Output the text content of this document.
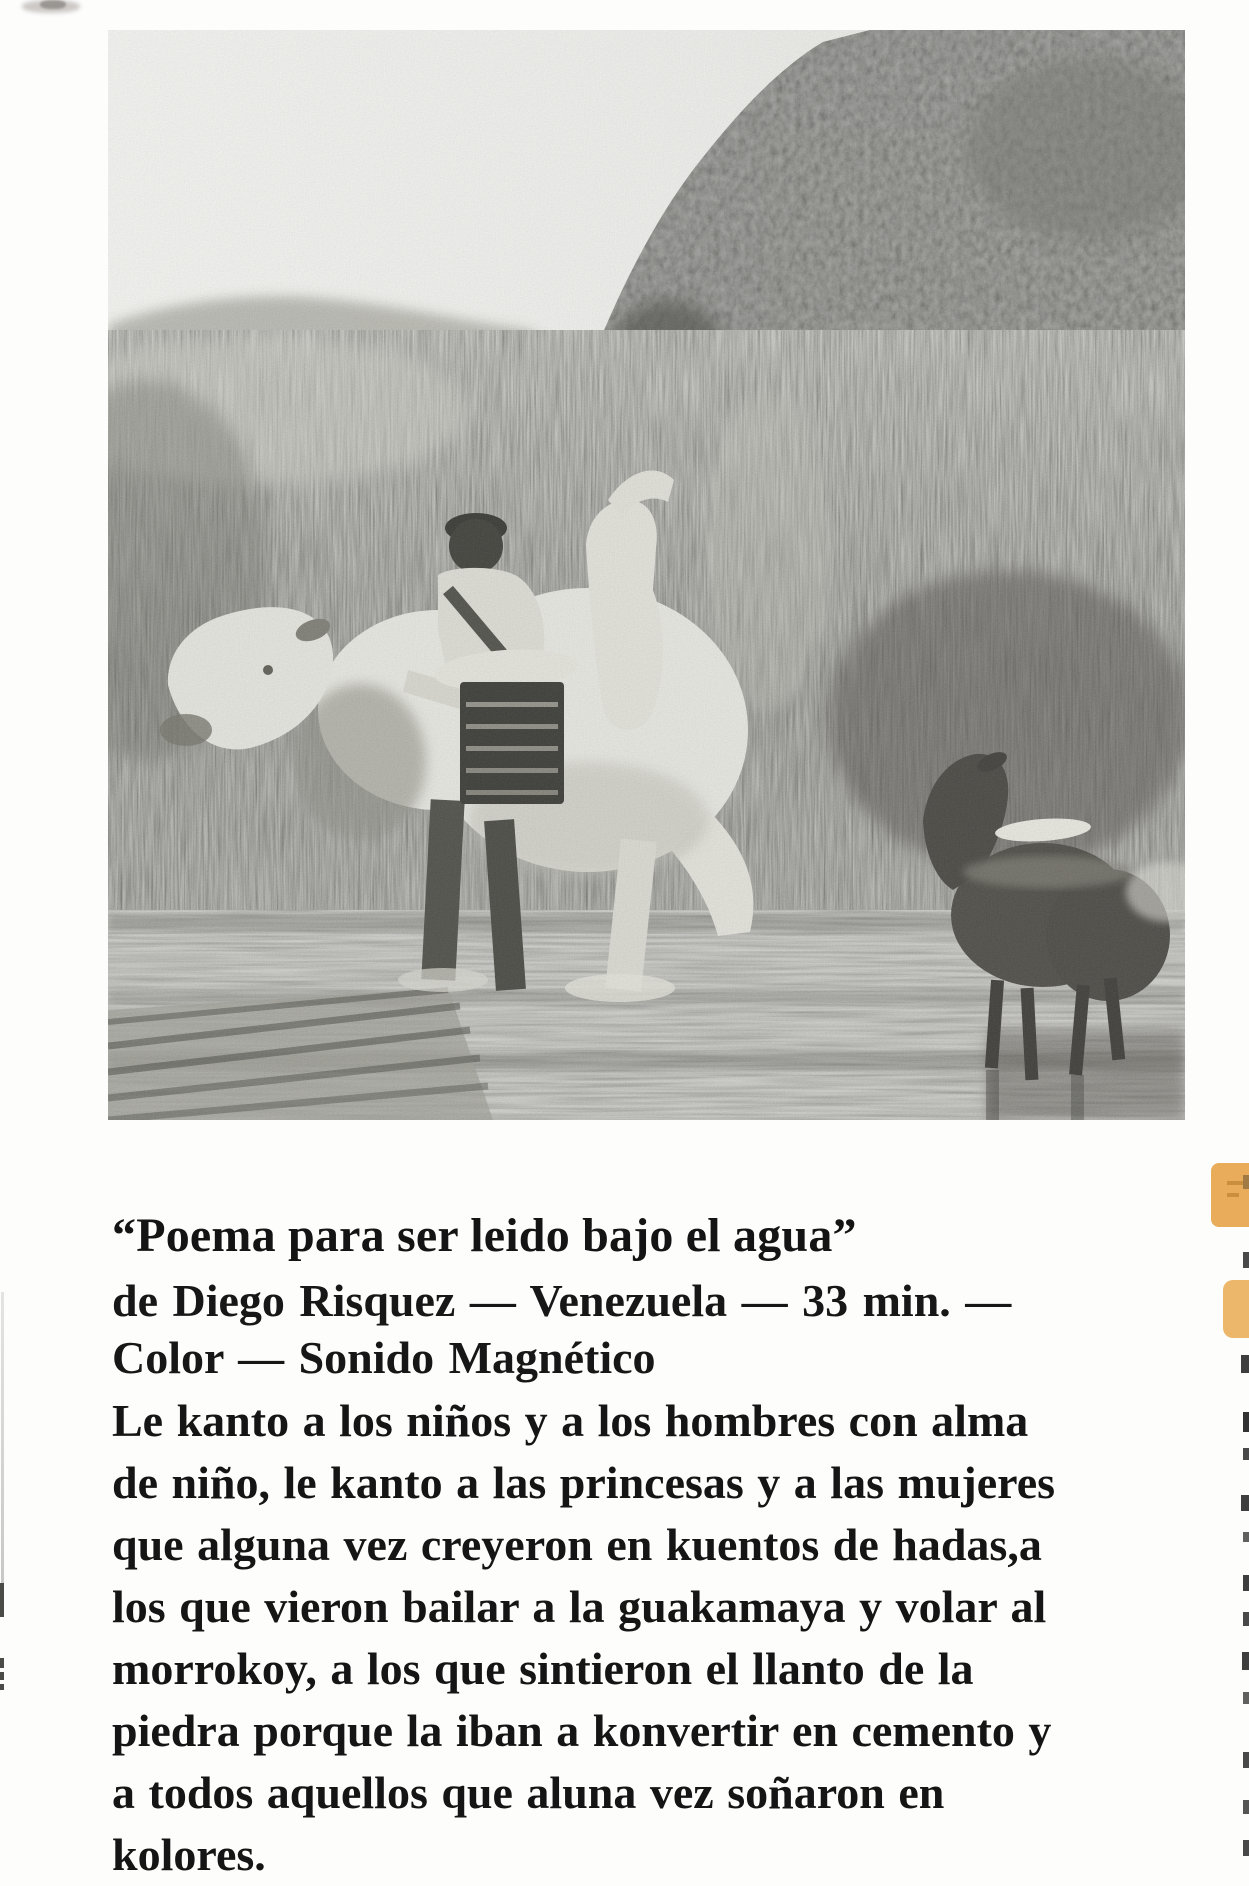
“Poema para ser leido bajo el agua”
de Diego Risquez — Venezuela — 33 min. —
Color — Sonido Magnético
Le kanto a los niños y a los hombres con alma
de niño, le kanto a las princesas y a las mujeres
que alguna vez creyeron en kuentos de hadas,a
los que vieron bailar a la guakamaya y volar al
morrokoy, a los que sintieron el llanto de la
piedra porque la iban a konvertir en cemento y
a todos aquellos que aluna vez soñaron en
kolores.
